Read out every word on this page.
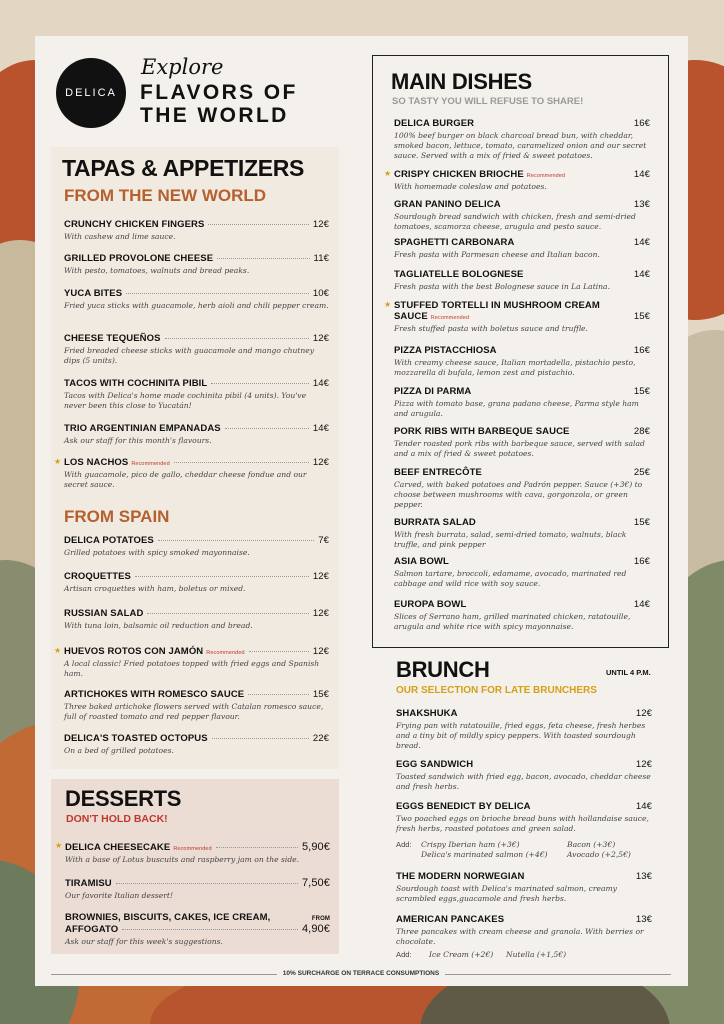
DELICA
Explore
FLAVORS OF
THE WORLD
TAPAS & APPETIZERS
FROM THE NEW WORLD
CRUNCHY CHICKEN FINGERS	12€
With cashew and lime sauce.
GRILLED PROVOLONE CHEESE	11€
With pesto, tomatoes, walnuts and bread peaks.
YUCA BITES	10€
Fried yuca sticks with guacamole, herb aioli and chili pepper cream.
CHEESE TEQUEÑOS	12€
Fried breaded cheese sticks with guacamole and mango chutney dips (5 units).
TACOS WITH COCHINITA PIBIL	14€
Tacos with Delica's home made cochinita pibil (4 units). You've never been this close to Yucatán!
TRIO ARGENTINIAN EMPANADAS	14€
Ask our staff for this month's flavours.
★ LOS NACHOS Recommended	12€
With guacamole, pico de gallo, cheddar cheese fondue and our secret sauce.
FROM SPAIN
DELICA POTATOES	7€
Grilled potatoes with spicy smoked mayonnaise.
CROQUETTES	12€
Artisan croquettes with ham, boletus or mixed.
RUSSIAN SALAD	12€
With tuna loin, balsamic oil reduction and bread.
★ HUEVOS ROTOS CON JAMÓN Recommended	12€
A local classic! Fried potatoes topped with fried eggs and Spanish ham.
ARTICHOKES WITH ROMESCO SAUCE	15€
Three baked artichoke flowers served with Catalan romesco sauce, full of roasted tomato and red pepper flavour.
DELICA'S TOASTED OCTOPUS	22€
On a bed of grilled potatoes.
DESSERTS
DON'T HOLD BACK!
★ DELICA CHEESECAKE Recommended	5,90€
With a base of Lotus buscuits and raspberry jam on the side.
TIRAMISU	7,50€
Our favorite Italian dessert!
BROWNIES, BISCUITS, CAKES, ICE CREAM,	FROM
AFFOGATO	4,90€
Ask our staff for this week's suggestions.
MAIN DISHES
SO TASTY YOU WILL REFUSE TO SHARE!
DELICA BURGER	16€
100% beef burger on black charcoal bread bun, with cheddar, smoked bacon, lettuce, tomato, caramelized onion and our secret sauce. Served with a mix of fried & sweet potatoes.
★ CRISPY CHICKEN BRIOCHE Recommended	14€
With homemade coleslaw and potatoes.
GRAN PANINO DELICA	13€
Sourdough bread sandwich with chicken, fresh and semi-dried tomatoes, scamorza cheese, arugula and pesto sauce.
SPAGHETTI CARBONARA	14€
Fresh pasta with Parmesan cheese and Italian bacon.
TAGLIATELLE BOLOGNESE	14€
Fresh pasta with the best Bolognese sauce in La Latina.
★ STUFFED TORTELLI IN MUSHROOM CREAM
SAUCE Recommended	15€
Fresh stuffed pasta with boletus sauce and truffle.
PIZZA PISTACCHIOSA	16€
With creamy cheese sauce, Italian mortadella, pistachio pesto, mozzarella di bufala, lemon zest and pistachio.
PIZZA DI PARMA	15€
Pizza with tomato base, grana padano cheese, Parma style ham and arugula.
PORK RIBS WITH BARBEQUE SAUCE	28€
Tender roasted pork ribs with barbeque sauce, served with salad and a mix of fried & sweet potatoes.
BEEF ENTRECÔTE	25€
Carved, with baked potatoes and Padrón pepper. Sauce (+3€) to choose between mushrooms with cava, gorgonzola, or green pepper.
BURRATA SALAD	15€
With fresh burrata, salad, semi-dried tomato, walnuts, black truffle, and pink pepper
ASIA BOWL	16€
Salmon tartare, broccoli, edamame, avocado, marinated red cabbage and wild rice with soy sauce.
EUROPA BOWL	14€
Slices of Serrano ham, grilled marinated chicken, ratatouille, arugula and white rice with spicy mayonnaise.
BRUNCH	UNTIL 4 P.M.
OUR SELECTION FOR LATE BRUNCHERS
SHAKSHUKA	12€
Frying pan with ratatouille, fried eggs, feta cheese, fresh herbes and a tiny bit of mildly spicy peppers. With toasted sourdough bread.
EGG SANDWICH	12€
Toasted sandwich with fried egg, bacon, avocado, cheddar cheese and fresh herbs.
EGGS BENEDICT BY DELICA	14€
Two poached eggs on brioche bread buns with hollandaise sauce, fresh herbs, roasted potatoes and green salad.
THE MODERN NORWEGIAN	13€
Sourdough toast with Delica's marinated salmon, creamy scrambled eggs,guacamole and fresh herbs.
AMERICAN PANCAKES	13€
Three pancakes with cream cheese and granola. With berries or chocolate.
Add: Crispy Iberian ham (+3€)
Delica's marinated salmon (+4€)
Bacon (+3€)
Avocado (+2,5€)
Add: Ice Cream (+2€) Nutella (+1,5€)
10% SURCHARGE ON TERRACE CONSUMPTIONS
